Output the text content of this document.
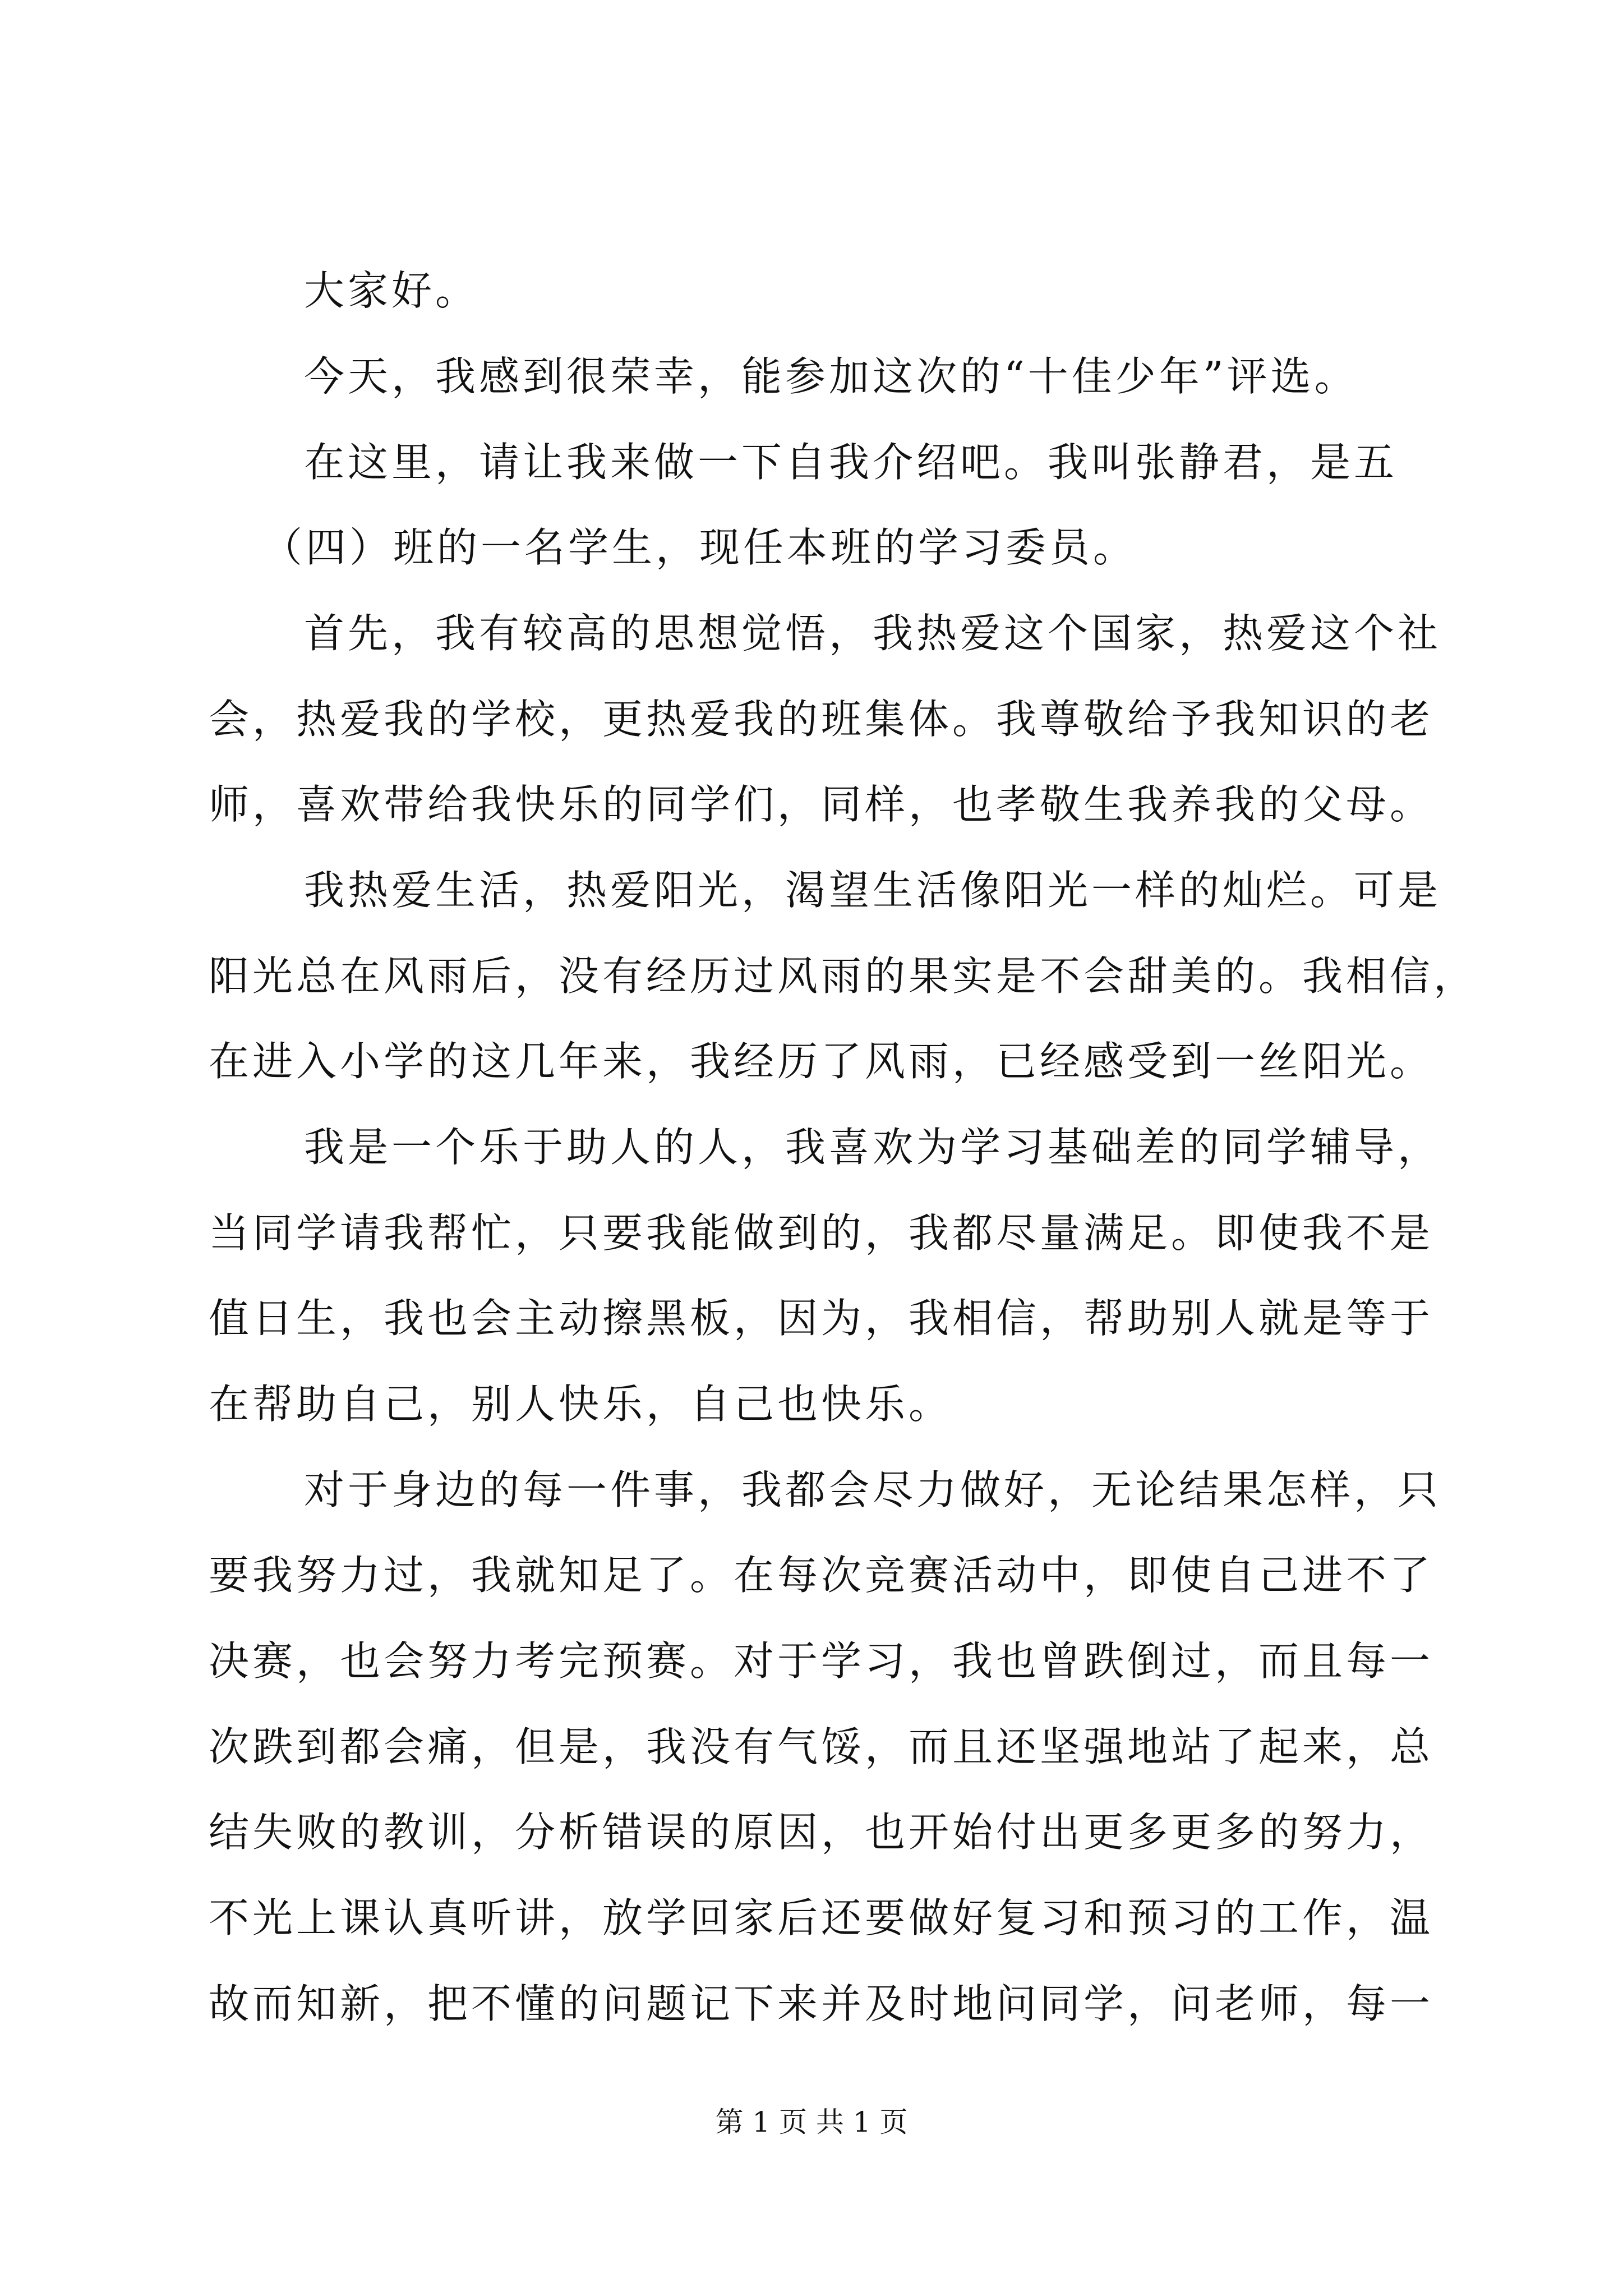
大家好。
今天，我感到很荣幸，能参加这次的“十佳少年”评选。
在这里，请让我来做一下自我介绍吧。我叫张静君，是五
（四）班的一名学生，现任本班的学习委员。
首先，我有较高的思想觉悟，我热爱这个国家，热爱这个社
会，热爱我的学校，更热爱我的班集体。我尊敬给予我知识的老
师，喜欢带给我快乐的同学们，同样，也孝敬生我养我的父母。
我热爱生活，热爱阳光，渴望生活像阳光一样的灿烂。可是
阳光总在风雨后，没有经历过风雨的果实是不会甜美的。我相信，
在进入小学的这几年来，我经历了风雨，已经感受到一丝阳光。
我是一个乐于助人的人，我喜欢为学习基础差的同学辅导，
当同学请我帮忙，只要我能做到的，我都尽量满足。即使我不是
值日生，我也会主动擦黑板，因为，我相信，帮助别人就是等于
在帮助自己，别人快乐，自己也快乐。
对于身边的每一件事，我都会尽力做好，无论结果怎样，只
要我努力过，我就知足了。在每次竞赛活动中，即使自己进不了
决赛，也会努力考完预赛。对于学习，我也曾跌倒过，而且每一
次跌到都会痛，但是，我没有气馁，而且还坚强地站了起来，总
结失败的教训，分析错误的原因，也开始付出更多更多的努力，
不光上课认真听讲，放学回家后还要做好复习和预习的工作，温
故而知新，把不懂的问题记下来并及时地问同学，问老师，每一
第 1 页 共 1 页
